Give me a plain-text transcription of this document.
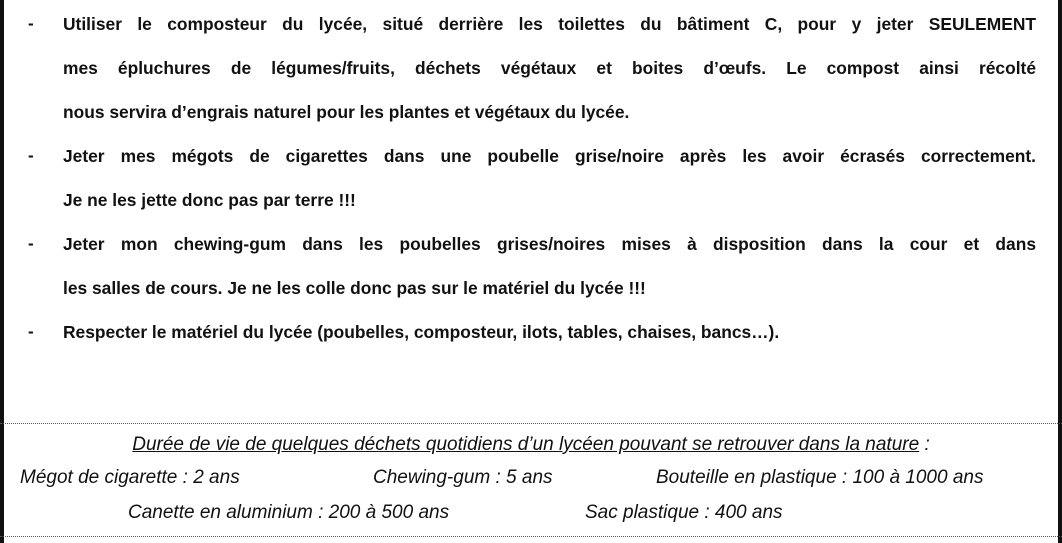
- Utiliser le composteur du lycée, situé derrière les toilettes du bâtiment C, pour y jeter SEULEMENT
mes épluchures de légumes/fruits, déchets végétaux et boites d’œufs. Le compost ainsi récolté
nous servira d’engrais naturel pour les plantes et végétaux du lycée.
- Jeter mes mégots de cigarettes dans une poubelle grise/noire après les avoir écrasés correctement.
Je ne les jette donc pas par terre !!!
- Jeter mon chewing-gum dans les poubelles grises/noires mises à disposition dans la cour et dans
les salles de cours. Je ne les colle donc pas sur le matériel du lycée !!!
- Respecter le matériel du lycée (poubelles, composteur, ilots, tables, chaises, bancs…).
Durée de vie de quelques déchets quotidiens d’un lycéen pouvant se retrouver dans la nature :
Mégot de cigarette : 2 ans	Chewing-gum : 5 ans	Bouteille en plastique : 100 à 1000 ans
Canette en aluminium : 200 à 500 ans	Sac plastique : 400 ans
